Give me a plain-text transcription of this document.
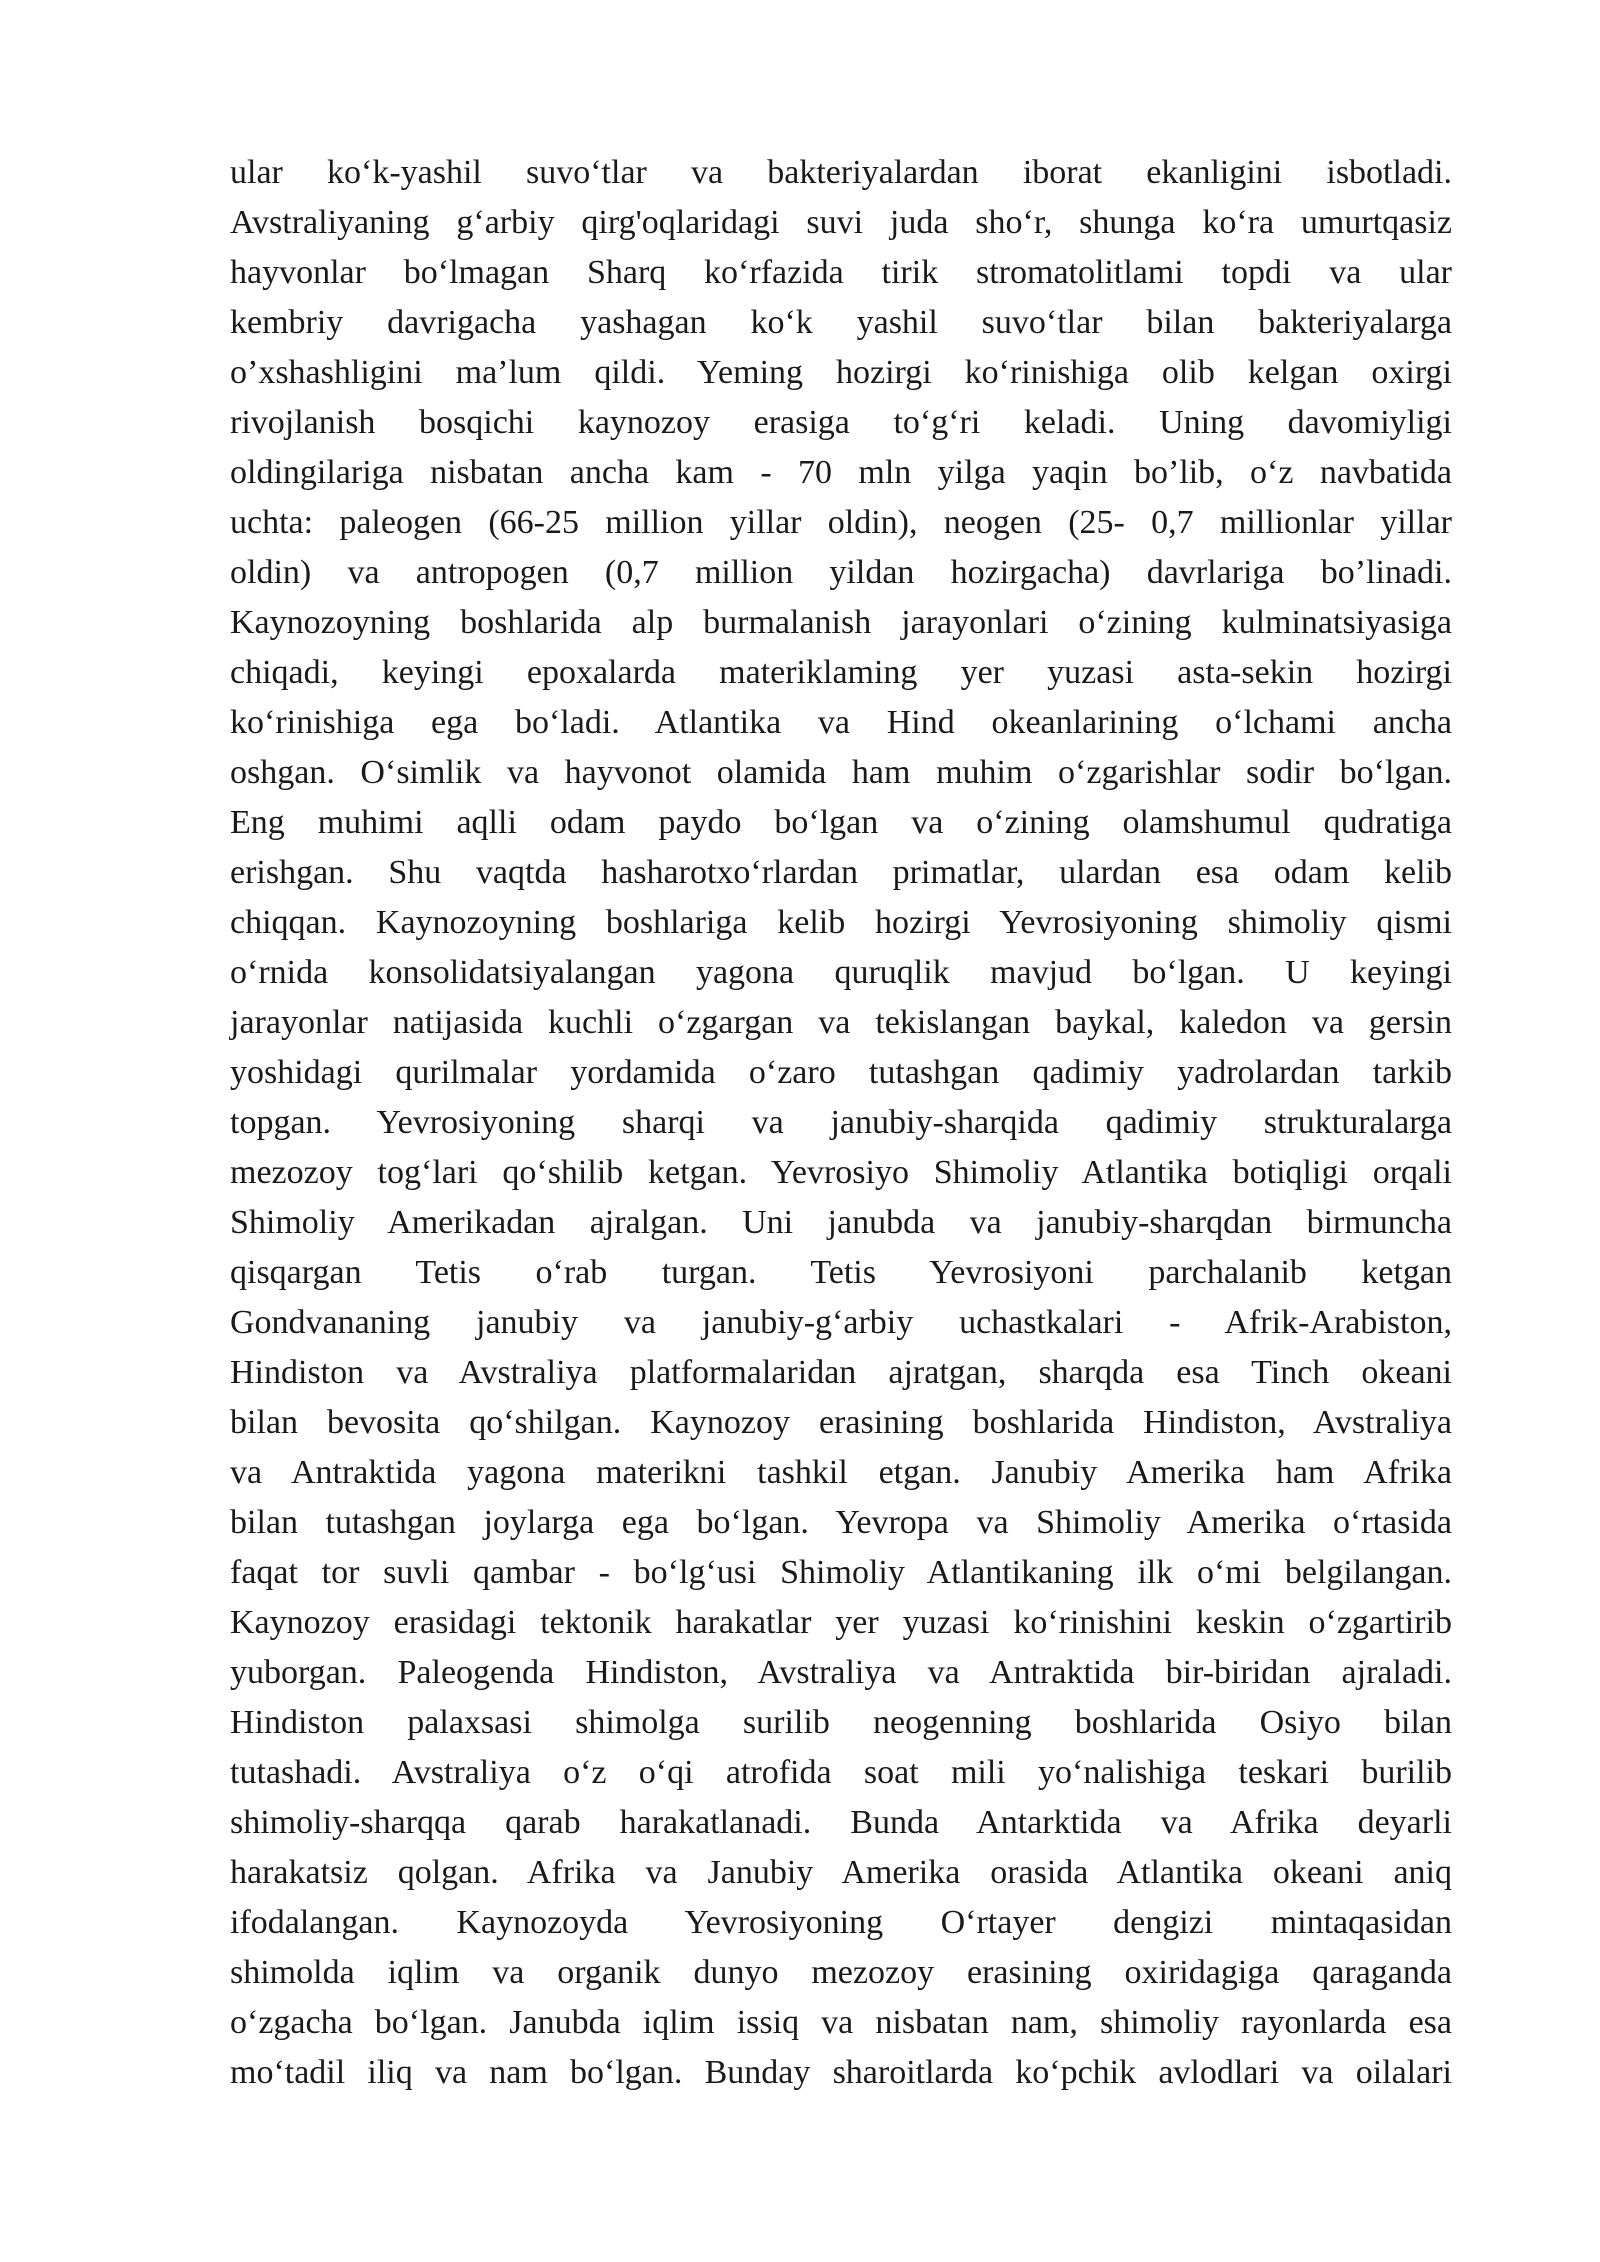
ular ko‘k-yashil suvo‘tlar va bakteriyalardan iborat ekanligini isbotladi.
Avstraliyaning g‘arbiy qirg'oqlaridagi suvi juda sho‘r, shunga ko‘ra umurtqasiz
hayvonlar bo‘lmagan Sharq ko‘rfazida tirik stromatolitlami topdi va ular
kembriy davrigacha yashagan ko‘k yashil suvo‘tlar bilan bakteriyalarga
o’xshashligini ma’lum qildi. Yeming hozirgi ko‘rinishiga olib kelgan oxirgi
rivojlanish bosqichi kaynozoy erasiga to‘g‘ri keladi. Uning davomiyligi
oldingilariga nisbatan ancha kam - 70 mln yilga yaqin bo’lib, o‘z navbatida
uchta: paleogen (66-25 million yillar oldin), neogen (25- 0,7 millionlar yillar
oldin) va antropogen (0,7 million yildan hozirgacha) davrlariga bo’linadi.
Kaynozoyning boshlarida alp burmalanish jarayonlari o‘zining kulminatsiyasiga
chiqadi, keyingi epoxalarda materiklaming yer yuzasi asta-sekin hozirgi
ko‘rinishiga ega bo‘ladi. Atlantika va Hind okeanlarining o‘lchami ancha
oshgan. O‘simlik va hayvonot olamida ham muhim o‘zgarishlar sodir bo‘lgan.
Eng muhimi aqlli odam paydo bo‘lgan va o‘zining olamshumul qudratiga
erishgan. Shu vaqtda hasharotxo‘rlardan primatlar, ulardan esa odam kelib
chiqqan. Kaynozoyning boshlariga kelib hozirgi Yevrosiyoning shimoliy qismi
o‘rnida konsolidatsiyalangan yagona quruqlik mavjud bo‘lgan. U keyingi
jarayonlar natijasida kuchli o‘zgargan va tekislangan baykal, kaledon va gersin
yoshidagi qurilmalar yordamida o‘zaro tutashgan qadimiy yadrolardan tarkib
topgan. Yevrosiyoning sharqi va janubiy-sharqida qadimiy strukturalarga
mezozoy tog‘lari qo‘shilib ketgan. Yevrosiyo Shimoliy Atlantika botiqligi orqali
Shimoliy Amerikadan ajralgan. Uni janubda va janubiy-sharqdan birmuncha
qisqargan Tetis o‘rab turgan. Tetis Yevrosiyoni parchalanib ketgan
Gondvananing janubiy va janubiy-g‘arbiy uchastkalari - Afrik-Arabiston,
Hindiston va Avstraliya platformalaridan ajratgan, sharqda esa Tinch okeani
bilan bevosita qo‘shilgan. Kaynozoy erasining boshlarida Hindiston, Avstraliya
va Antraktida yagona materikni tashkil etgan. Janubiy Amerika ham Afrika
bilan tutashgan joylarga ega bo‘lgan. Yevropa va Shimoliy Amerika o‘rtasida
faqat tor suvli qambar - bo‘lg‘usi Shimoliy Atlantikaning ilk o‘mi belgilangan.
Kaynozoy erasidagi tektonik harakatlar yer yuzasi ko‘rinishini keskin o‘zgartirib
yuborgan. Paleogenda Hindiston, Avstraliya va Antraktida bir-biridan ajraladi.
Hindiston palaxsasi shimolga surilib neogenning boshlarida Osiyo bilan
tutashadi. Avstraliya o‘z o‘qi atrofida soat mili yo‘nalishiga teskari burilib
shimoliy-sharqqa qarab harakatlanadi. Bunda Antarktida va Afrika deyarli
harakatsiz qolgan. Afrika va Janubiy Amerika orasida Atlantika okeani aniq
ifodalangan. Kaynozoyda Yevrosiyoning O‘rtayer dengizi mintaqasidan
shimolda iqlim va organik dunyo mezozoy erasining oxiridagiga qaraganda
o‘zgacha bo‘lgan. Janubda iqlim issiq va nisbatan nam, shimoliy rayonlarda esa
mo‘tadil iliq va nam bo‘lgan. Bunday sharoitlarda ko‘pchik avlodlari va oilalari
